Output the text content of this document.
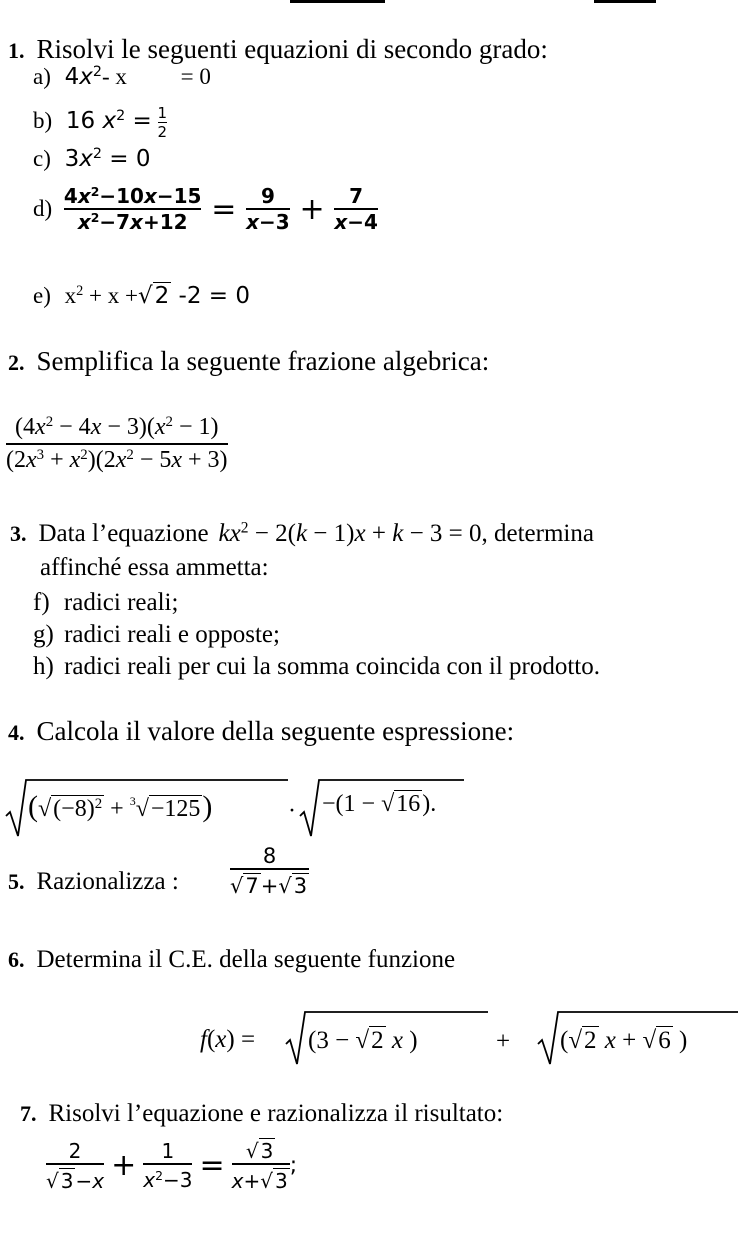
1. Risolvi le seguenti equazioni di secondo grado:
a) $4x^2-$ x = 0
b) 16 $x^2 = \frac{1}{2}$
c) $3x^2 = 0$
$d) \frac{4x^2-10x-15}{x^2-7x+12} = \frac{9}{x-3} + \frac{7}{x-4}$
e) $x^2 + x +√2$ -2 = 0
2. Semplifica la seguente frazione algebrica:
$\frac{(4x^2 - 4x - 3)(x^2 - 1)}{(2x^3 + x^2)(2x^2 - 5x + 3)}$
3. Data l’equazione $kx^2 - 2(k - 1)x + k - 3 = 0$, determina
affinché essa ammetta:
f) radici reali;
g) radici reali e opposte;
h) radici reali per cui la somma coincida con il prodotto.
4. Calcola il valore della seguente espressione:
$(√(-8)^2 + ^3√-125)$	· −(1 − √16).
5. Razionalizza : $\frac{8}{√7+√3}$
6. Determina il C.E. della seguente funzione
f(x) = (3 − √2 x )	+ (√2 x + √6 )
7. Risolvi l’equazione e razionalizza il risultato:
$\frac{2}{√ 3 -x} + \frac{1}{x^2-3} = \frac{√ 3}{x+√ 3}$ ;
